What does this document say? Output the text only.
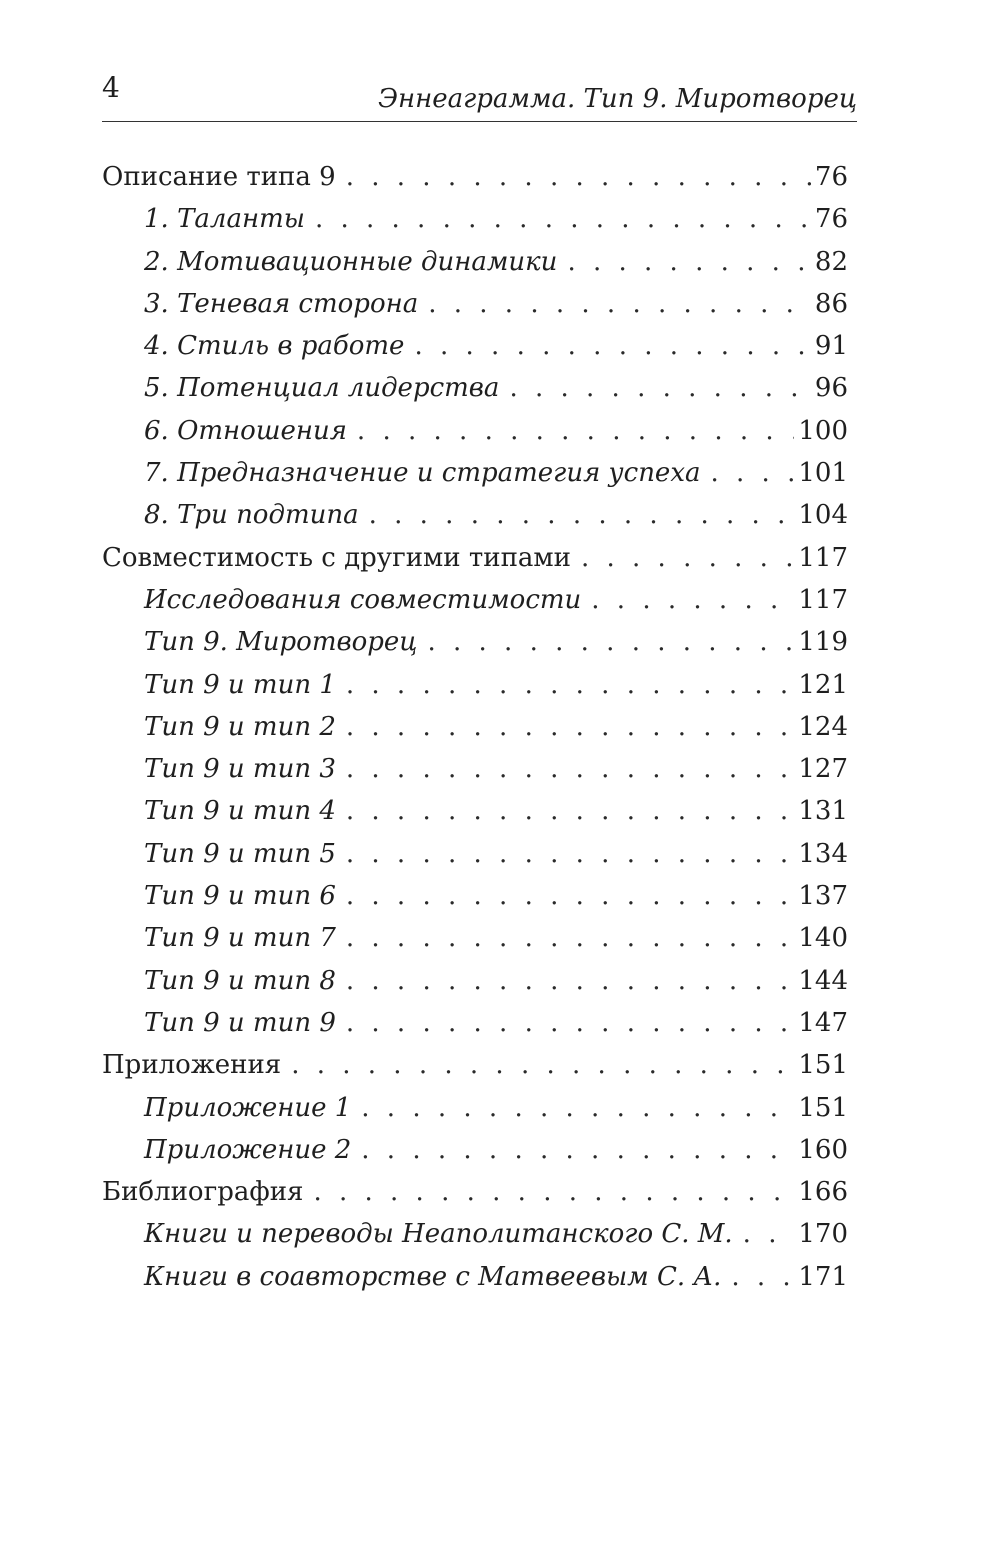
4	Эннеаграмма. Тип 9. Миротворец
Описание типа 9 . . .	76
1. Таланты . . .	76
2. Мотивационные динамики . . .	82
3. Теневая сторона . . .	86
4. Стиль в работе . . .	91
5. Потенциал лидерства . . .	96
6. Отношения . . .	100
7. Предназначение и стратегия успеха . . .	101
8. Три подтипа . . .	104
Совместимость с другими типами . . .	117
Исследования совместимости . . .	117
Тип 9. Миротворец . . .	119
Тип 9 и тип 1 . . .	121
Тип 9 и тип 2 . . .	124
Тип 9 и тип 3 . . .	127
Тип 9 и тип 4 . . .	131
Тип 9 и тип 5 . . .	134
Тип 9 и тип 6 . . .	137
Тип 9 и тип 7 . . .	140
Тип 9 и тип 8 . . .	144
Тип 9 и тип 9 . . .	147
Приложения . . .	151
Приложение 1 . . .	151
Приложение 2 . . .	160
Библиография . . .	166
Книги и переводы Неаполитанского С. М. . . .	170
Книги в соавторстве с Матвеевым С. А. . . .	171
